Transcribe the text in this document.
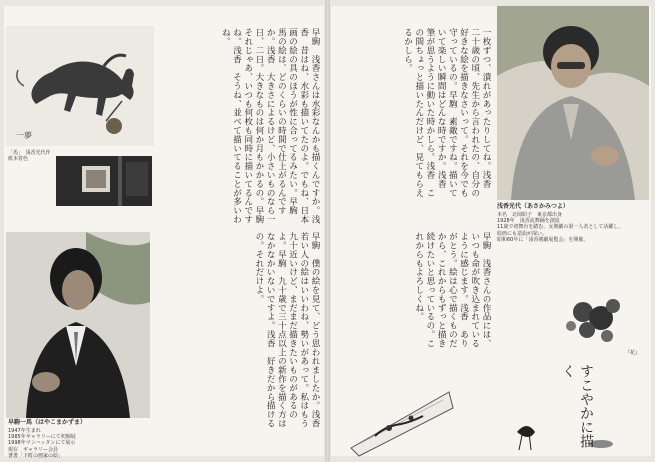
一夢
「馬」　浅香光代作　紙本着色
早駒一馬（はやこまかずま）
1947年生まれ
1985年ギャラリーにて初個展
1998年マンハッタンにて展示
現在　ギャラリー会員
著書「下町の画家の絵」
早駒　浅香さんは水彩なんかも描くんですか。浅香　昔はね、水彩も描いてたのよ。でもね、日本画の絵の具のほうが性に合ってるみたい。早駒　馬の絵は、どのくらいの時間で仕上がるんですか。浅香　大きさによるけど、小さいものなら一日、二日。大きなものは何か月もかかるの。早駒　それじゃあ、いつも何枚も同時に描いてるんですね。浅香　そうね、並べて描いてることが多いわね。
早駒　僕の絵を見て、どう思われましたか。浅香　若い人の絵はいいわね、勢いがあって。私はもう九十近いけど、まだまだ描きたいものがあるのよ。早駒　九十歳で三十点以上の新作を描く方はなかなかいないですよ。浅香　好きだから描けるの。それだけよ。
一枚ずつ、潰れがあったりしてね。浅香　二十歳の頃、先生から言われたの、自分の好きな絵を描きなさいって。それを今でも守っているの。早駒　素敵ですね。描いていて楽しい瞬間はどんな時ですか。浅香　筆が思うように動いた時かしら。浅香　この間ちょっと描いたんだけど、見てもらえるかしら。
早駒　浅香さんの作品には、いつも命が吹き込まれているように感じます。浅香　ありがとう。絵は心で描くものだから、これからもずっと描き続けたいと思っているの。これからもよろしくね。
浅香光代（あさかみつよ）
本名　北岡昭子　東京都出身
1928年　浅香流舞踊を創設
11歳で初舞台を踏む。女剣劇の第一人者として活躍し、
絵画にも造詣が深い。
昭和60年に「浅香剣劇展覧会」を開催。
『花』
すこやかに描く
